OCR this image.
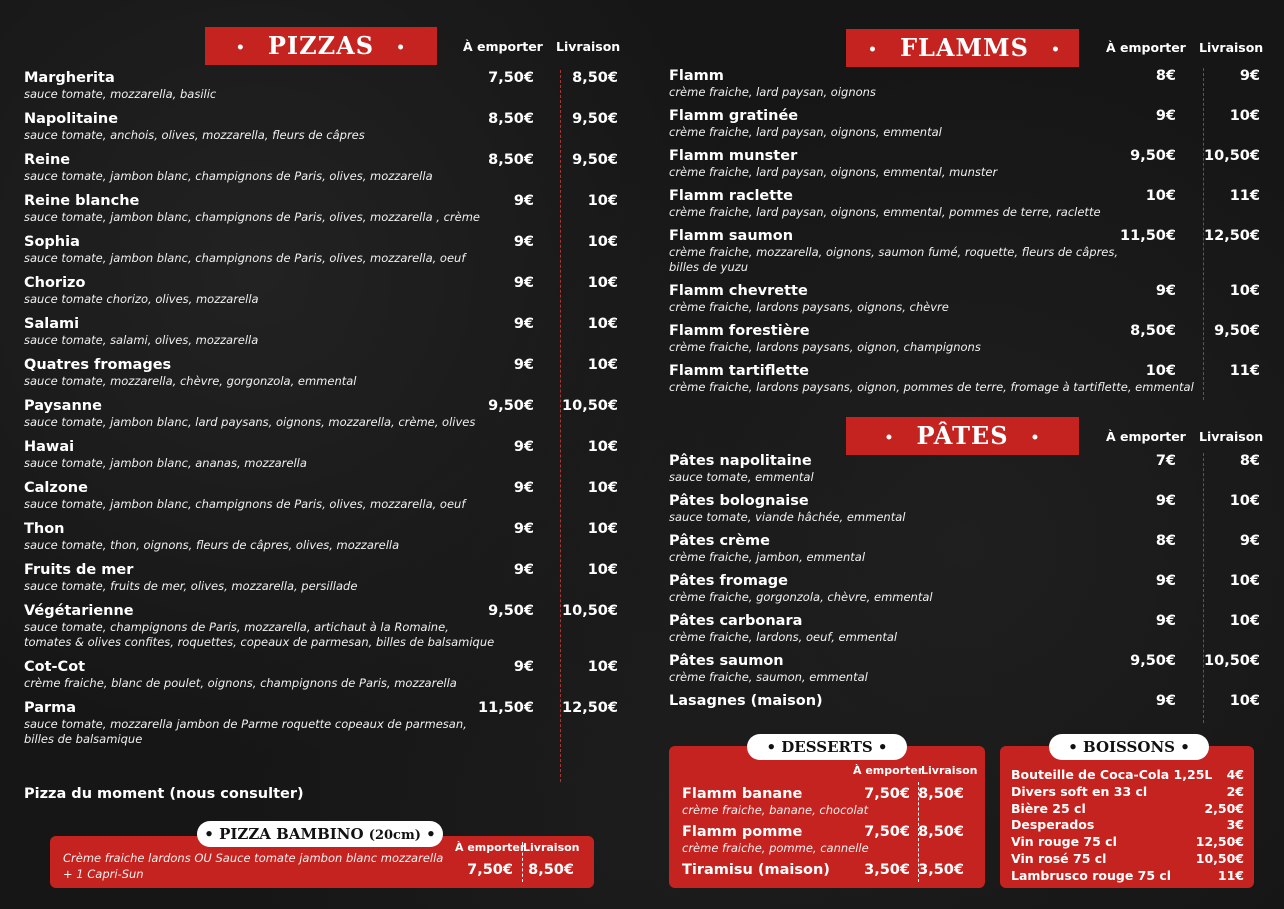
• PIZZAS •	À emporter Livraison
Margherita
sauce tomate, mozzarella, basilic
7,50€	8,50€
Napolitaine
sauce tomate, anchois, olives, mozzarella, fleurs de câpres
8,50€	9,50€
Reine
sauce tomate, jambon blanc, champignons de Paris, olives, mozzarella
8,50€	9,50€
Reine blanche
sauce tomate, jambon blanc, champignons de Paris, olives, mozzarella , crème
9€	10€
Sophia
sauce tomate, jambon blanc, champignons de Paris, olives, mozzarella, oeuf
9€	10€
Chorizo
sauce tomate chorizo, olives, mozzarella
9€	10€
Salami
sauce tomate, salami, olives, mozzarella
9€	10€
Quatres fromages
sauce tomate, mozzarella, chèvre, gorgonzola, emmental
9€	10€
Paysanne
sauce tomate, jambon blanc, lard paysans, oignons, mozzarella, crème, olives
9,50€ 10,50€
Hawai
sauce tomate, jambon blanc, ananas, mozzarella
9€	10€
Calzone
sauce tomate, jambon blanc, champignons de Paris, olives, mozzarella, oeuf
9€	10€
Thon
sauce tomate, thon, oignons, fleurs de câpres, olives, mozzarella
9€	10€
Fruits de mer
sauce tomate, fruits de mer, olives, mozzarella, persillade
9€	10€
Végétarienne
sauce tomate, champignons de Paris, mozzarella, artichaut à la Romaine,
tomates & olives confites, roquettes, copeaux de parmesan, billes de balsamique
9,50€ 10,50€
Cot-Cot
crème fraiche, blanc de poulet, oignons, champignons de Paris, mozzarella
9€	10€
Parma
sauce tomate, mozzarella jambon de Parme roquette copeaux de parmesan,
billes de balsamique
11,50€ 12,50€
Pizza du moment (nous consulter)
• PIZZA BAMBINO (20cm) •
À emporter
Livraison
Crème fraiche lardons OU Sauce tomate jambon blanc mozzarella
+ 1 Capri-Sun	7,50€ 8,50€
• FLAMMS •	À emporter Livraison
Flamm
crème fraiche, lard paysan, oignons
8€	9€
Flamm gratinée
crème fraiche, lard paysan, oignons, emmental
9€	10€
Flamm munster
crème fraiche, lard paysan, oignons, emmental, munster
9,50€ 10,50€
Flamm raclette
crème fraiche, lard paysan, oignons, emmental, pommes de terre, raclette
10€	11€
Flamm saumon
crème fraiche, mozzarella, oignons, saumon fumé, roquette, fleurs de câpres,
billes de yuzu
11,50€ 12,50€
Flamm chevrette
crème fraiche, lardons paysans, oignons, chèvre
9€	10€
Flamm forestière
crème fraiche, lardons paysans, oignon, champignons
8,50€	9,50€
Flamm tartiflette
crème fraiche, lardons paysans, oignon, pommes de terre, fromage à tartiflette, emmental
10€	11€
• PÂTES •	À emporter Livraison
Pâtes napolitaine
sauce tomate, emmental
7€	8€
Pâtes bolognaise
sauce tomate, viande hâchée, emmental
9€	10€
Pâtes crème
crème fraiche, jambon, emmental
8€	9€
Pâtes fromage
crème fraiche, gorgonzola, chèvre, emmental
9€	10€
Pâtes carbonara
crème fraiche, lardons, oeuf, emmental
9€	10€
Pâtes saumon
crème fraiche, saumon, emmental
9,50€ 10,50€
Lasagnes (maison)	9€	10€
• DESSERTS •
À emporter
Livraison
Flamm banane
crème fraiche, banane, chocolat
7,50€ 8,50€
Flamm pomme
crème fraiche, pomme, cannelle
7,50€ 8,50€
Tiramisu (maison)	3,50€ 3,50€
• BOISSONS •
Bouteille de Coca-Cola 1,25L 4€
Divers soft en 33 cl	2€
Bière 25 cl	2,50€
Desperados	3€
Vin rouge 75 cl	12,50€
Vin rosé 75 cl	10,50€
Lambrusco rouge 75 cl	11€
